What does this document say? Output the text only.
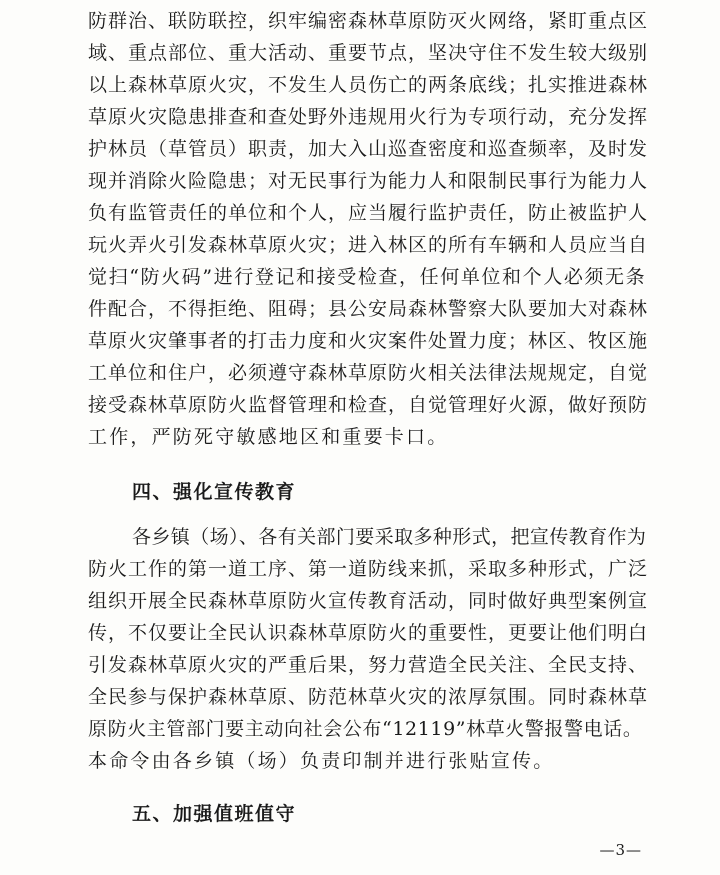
防群治、联防联控，织牢编密森林草原防灭火网络，紧盯重点区
域、重点部位、重大活动、重要节点，坚决守住不发生较大级别
以上森林草原火灾，不发生人员伤亡的两条底线；扎实推进森林
草原火灾隐患排查和查处野外违规用火行为专项行动，充分发挥
护林员（草管员）职责，加大入山巡查密度和巡查频率，及时发
现并消除火险隐患；对无民事行为能力人和限制民事行为能力人
负有监管责任的单位和个人，应当履行监护责任，防止被监护人
玩火弄火引发森林草原火灾；进入林区的所有车辆和人员应当自
觉扫“防火码”进行登记和接受检查，任何单位和个人必须无条
件配合，不得拒绝、阻碍；县公安局森林警察大队要加大对森林
草原火灾肇事者的打击力度和火灾案件处置力度；林区、牧区施
工单位和住户，必须遵守森林草原防火相关法律法规规定，自觉
接受森林草原防火监督管理和检查，自觉管理好火源，做好预防
工作，严防死守敏感地区和重要卡口。
四、强化宣传教育
各乡镇（场）、各有关部门要采取多种形式，把宣传教育作为
防火工作的第一道工序、第一道防线来抓，采取多种形式，广泛
组织开展全民森林草原防火宣传教育活动，同时做好典型案例宣
传，不仅要让全民认识森林草原防火的重要性，更要让他们明白
引发森林草原火灾的严重后果，努力营造全民关注、全民支持、
全民参与保护森林草原、防范林草火灾的浓厚氛围。同时森林草
原防火主管部门要主动向社会公布“12119”林草火警报警电话。
本命令由各乡镇（场）负责印制并进行张贴宣传。
五、加强值班值守
—3—
